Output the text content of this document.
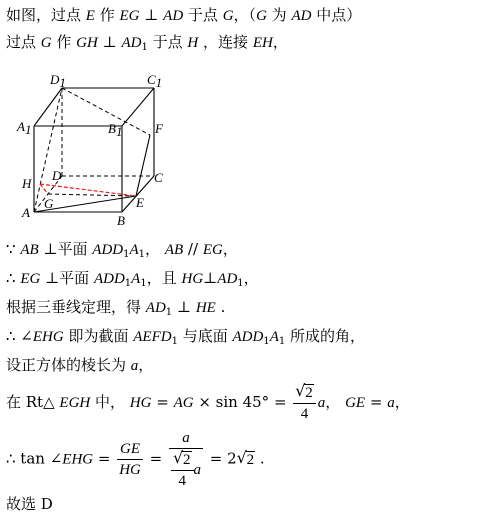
如图，过点 E 作 EG ⊥ AD 于点 G，（G 为 AD 中点）
过点 G 作 GH ⊥ $AD_1$ 于点 H ，连接 EH，
D1	C1
A1	B1	F
H
D	C
G
A
E
B
∵ AB ⊥平面 $ADD_1A_1$， AB // EG，
∴ EG ⊥平面 $ADD_1A_1$，且 $HG\perp AD_1$，
根据三垂线定理，得 $AD_1$ ⊥ HE .
∴ ∠EHG 即为截面 $AEFD_1$ 与底面 $ADD_1A_1$ 所成的角，
设正方体的棱长为 a，
在 Rt△ EGH 中， HG = AG × sin 45° = √ $\frac{2}{4}$ a， GE = a，
∴ tan ∠EHG = $\frac{GE}{HG} = a$
√ $\frac{2}{4}$ a = 2 √ 2 .
故选 D
